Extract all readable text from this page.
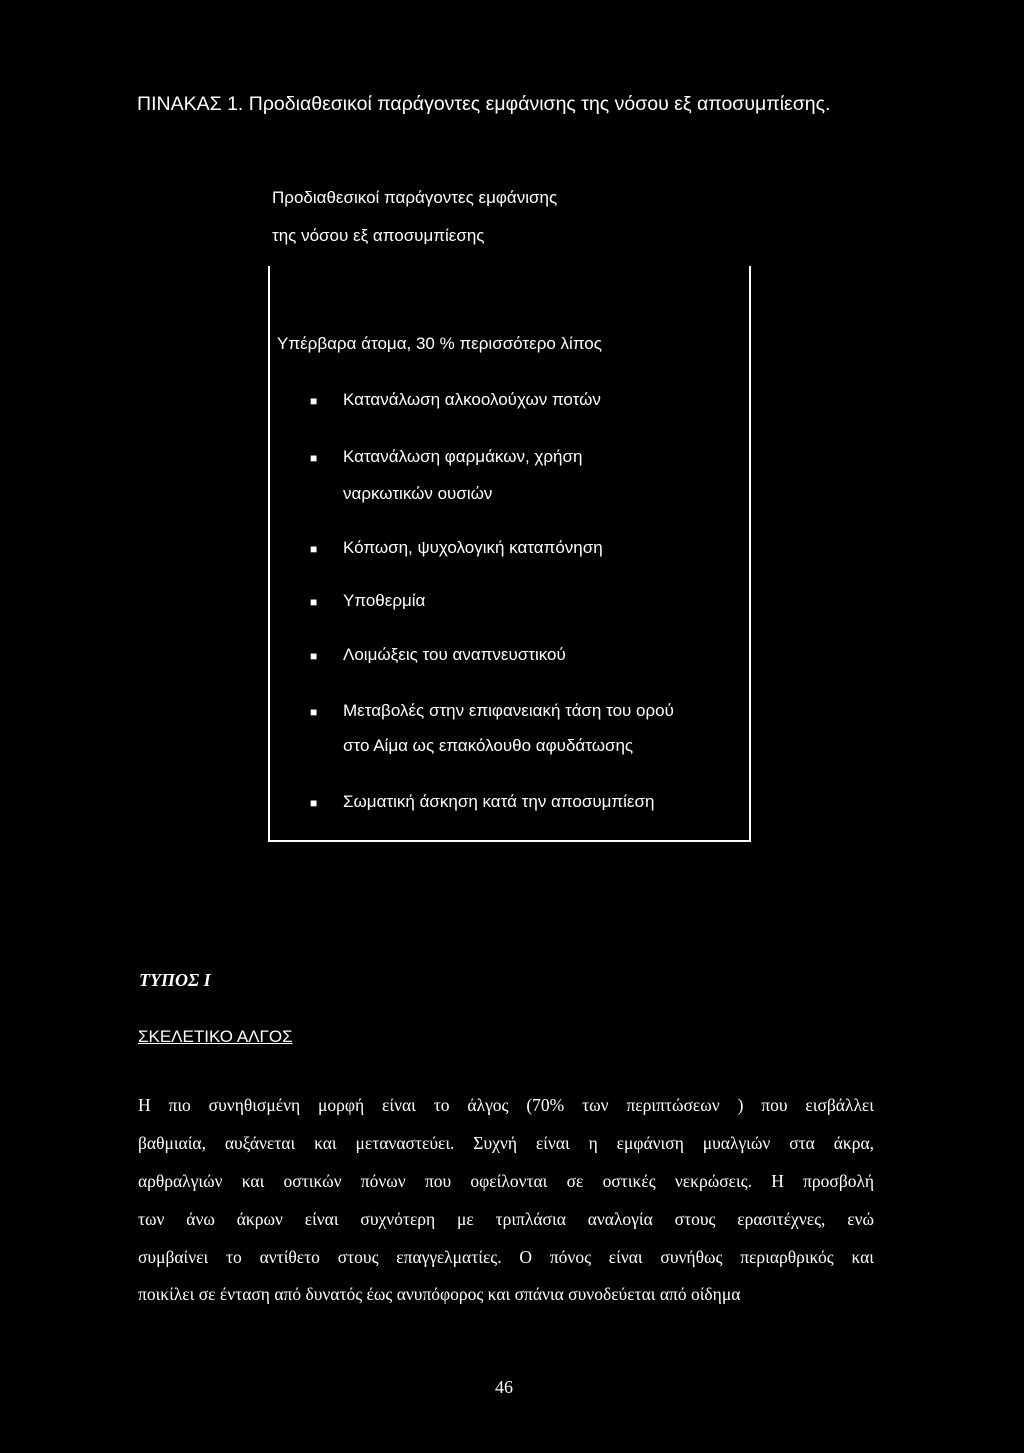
ΠΙΝΑΚΑΣ 1. Προδιαθεσικοί παράγοντες εμφάνισης της νόσου εξ αποσυμπίεσης.
Προδιαθεσικοί παράγοντες εμφάνισης
της νόσου εξ αποσυμπίεσης
Υπέρβαρα άτομα, 30 % περισσότερο λίπος
■ Κατανάλωση αλκοολούχων ποτών
■ Κατανάλωση φαρμάκων, χρήση
ναρκωτικών ουσιών
■ Κόπωση, ψυχολογική καταπόνηση
■ Υποθερμία
■ Λοιμώξεις του αναπνευστικού
■ Μεταβολές στην επιφανειακή τάση του ορού
στο Αίμα ως επακόλουθο αφυδάτωσης
■ Σωματική άσκηση κατά την αποσυμπίεση
ΤΥΠΟΣ Ι
ΣΚΕΛΕΤΙΚΟ ΑΛΓΟΣ
Η πιο συνηθισμένη μορφή είναι το άλγος (70% των περιπτώσεων ) που εισβάλλει
βαθμιαία, αυξάνεται και μεταναστεύει. Συχνή είναι η εμφάνιση μυαλγιών στα άκρα,
αρθραλγιών και οστικών πόνων που οφείλονται σε οστικές νεκρώσεις. Η προσβολή
των άνω άκρων είναι συχνότερη με τριπλάσια αναλογία στους ερασιτέχνες, ενώ
συμβαίνει το αντίθετο στους επαγγελματίες. Ο πόνος είναι συνήθως περιαρθρικός και
ποικίλει σε ένταση από δυνατός έως ανυπόφορος και σπάνια συνοδεύεται από οίδημα
46
